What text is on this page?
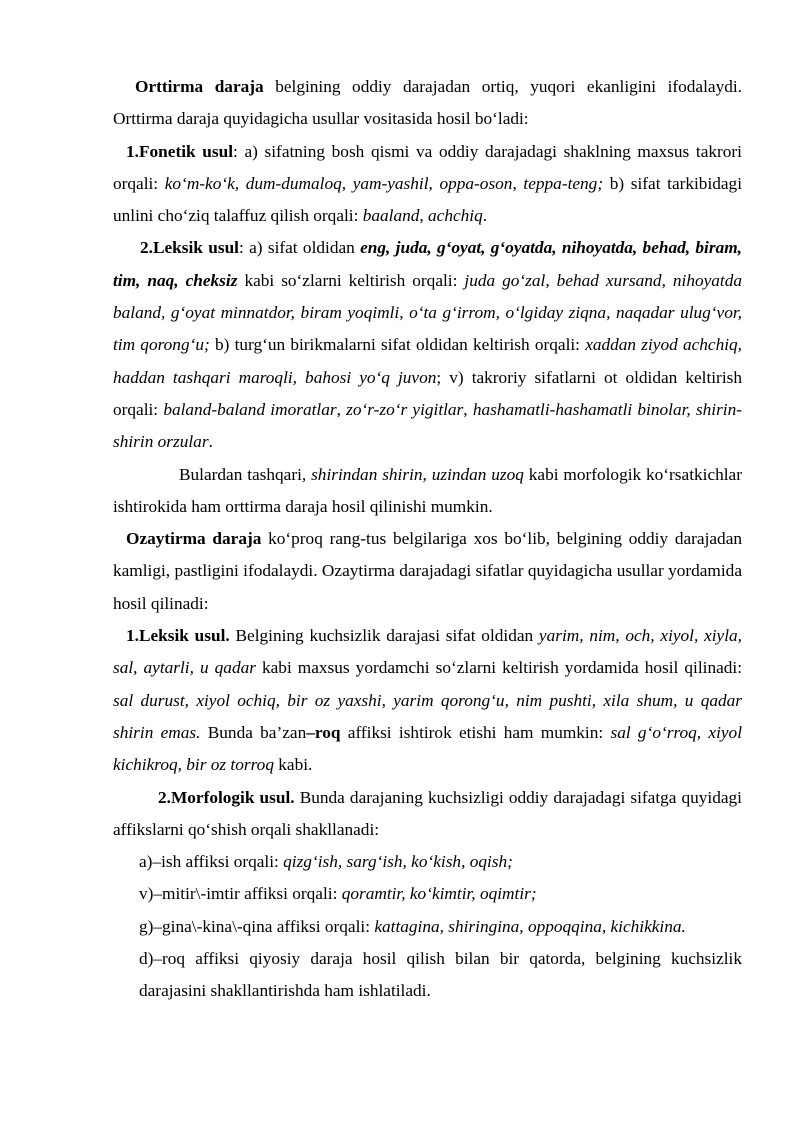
Orttirma daraja belgining oddiy darajadan ortiq, yuqori ekanligini ifodalaydi. Orttirma daraja quyidagicha usullar vositasida hosil bo‘ladi:

1.Fonetik usul: a) sifatning bosh qismi va oddiy darajadagi shaklning maxsus takrori orqali: ko‘m-ko‘k, dum-dumaloq, yam-yashil, oppa-oson, teppa-teng; b) sifat tarkibidagi unlini cho‘ziq talaffuz qilish orqali: baaland, achchiq.

2.Leksik usul: a) sifat oldidan eng, juda, g‘oyat, g‘oyatda, nihoyatda, behad, biram, tim, naq, cheksiz kabi so‘zlarni keltirish orqali: juda go‘zal, behad xursand, nihoyatda baland, g‘oyat minnatdor, biram yoqimli, o‘ta g‘irrom, o‘lgiday ziqna, naqadar ulug‘vor, tim qorong‘u; b) turg‘un birikmalarni sifat oldidan keltirish orqali: xaddan ziyod achchiq, haddan tashqari maroqli, bahosi yo‘q juvon; v) takroriy sifatlarni ot oldidan keltirish orqali: baland-baland imoratlar, zo‘r-zo‘r yigitlar, hashamatli-hashamatli binolar, shirin-shirin orzular.

Bulardan tashqari, shirindan shirin, uzindan uzoq kabi morfologik ko‘rsatkichlar ishtirokida ham orttirma daraja hosil qilinishi mumkin.

Ozaytirma daraja ko‘proq rang-tus belgilariga xos bo‘lib, belgining oddiy darajadan kamligi, pastligini ifodalaydi. Ozaytirma darajadagi sifatlar quyidagicha usullar yordamida hosil qilinadi:

1.Leksik usul. Belgining kuchsizlik darajasi sifat oldidan yarim, nim, och, xiyol, xiyla, sal, aytarli, u qadar kabi maxsus yordamchi so‘zlarni keltirish yordamida hosil qilinadi: sal durust, xiyol ochiq, bir oz yaxshi, yarim qorong‘u, nim pushti, xila shum, u qadar shirin emas. Bunda ba’zan–roq affiksi ishtirok etishi ham mumkin: sal g‘o‘rroq, xiyol kichikroq, bir oz torroq kabi.

2.Morfologik usul. Bunda darajaning kuchsizligi oddiy darajadagi sifatga quyidagi affikslarni qo‘shish orqali shakllanadi:

a)–ish affiksi orqali: qizg‘ish, sarg‘ish, ko‘kish, oqish;

v)–mitir\-imtir affiksi orqali: qoramtir, ko‘kimtir, oqimtir;

g)–gina\-kina\-qina affiksi orqali: kattagina, shiringina, oppoqqina, kichikkina.

d)–roq affiksi qiyosiy daraja hosil qilish bilan bir qatorda, belgining kuchsizlik darajasini shakllantirishda ham ishlatiladi.
